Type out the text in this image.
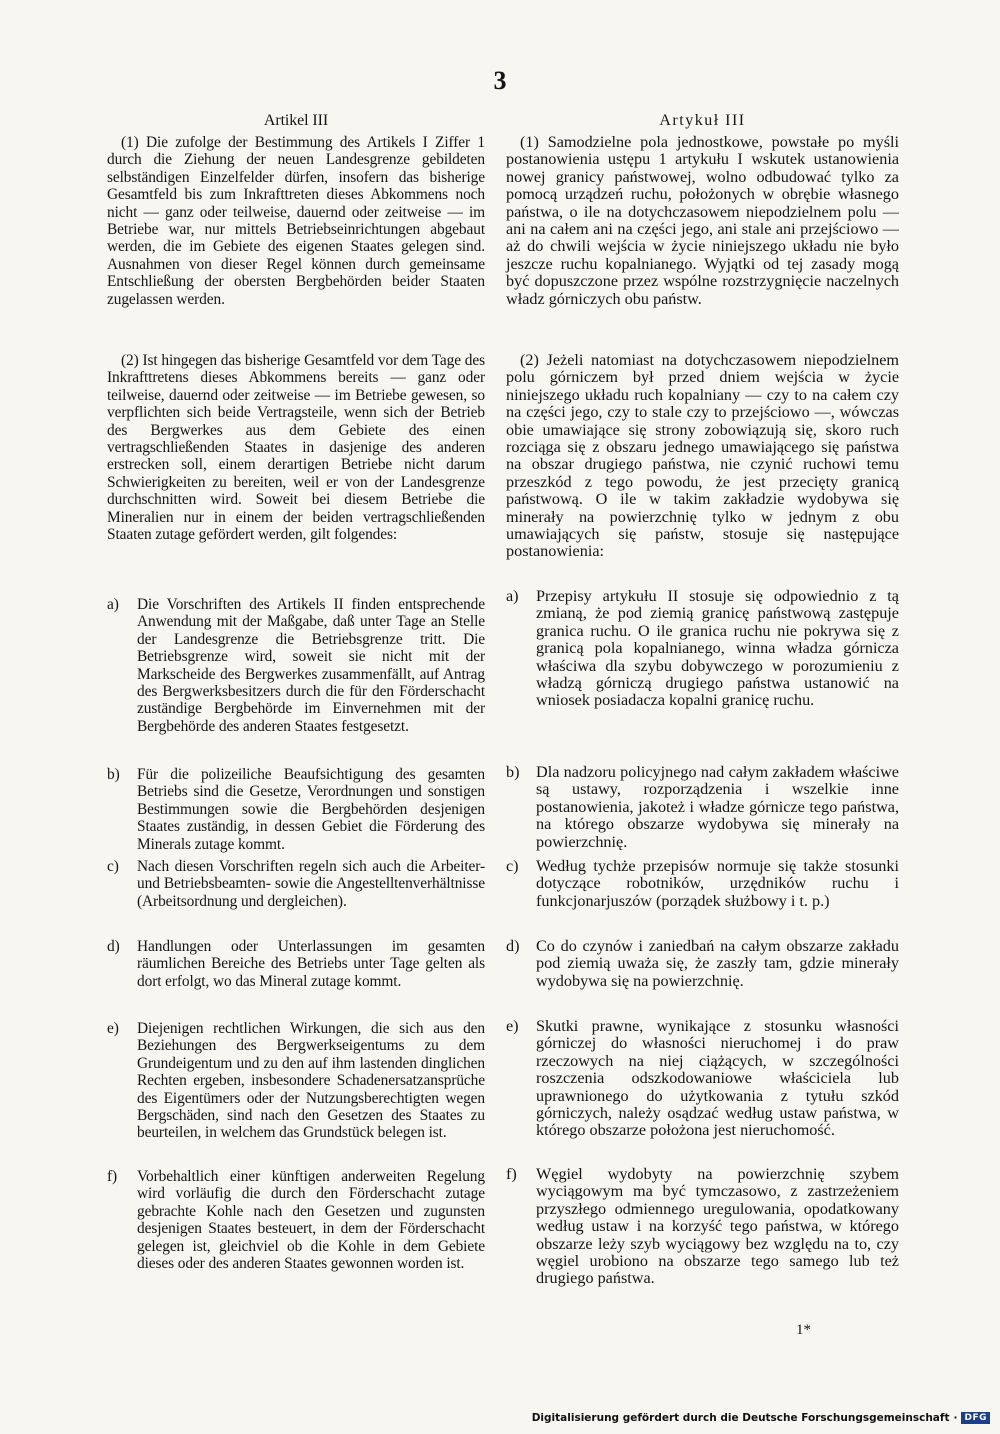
3
Artikel III

(1) Die zufolge der Bestimmung des Artikels I Ziffer 1 durch die Ziehung der neuen Landesgrenze gebildeten selbständigen Einzelfelder dürfen, insofern das bisherige Gesamtfeld bis zum Inkrafttreten dieses Abkommens noch nicht — ganz oder teilweise, dauernd oder zeitweise — im Betriebe war, nur mittels Betriebseinrichtungen abgebaut werden, die im Gebiete des eigenen Staates gelegen sind. Ausnahmen von dieser Regel können durch gemeinsame Entschließung der obersten Bergbehörden beider Staaten zugelassen werden.

(2) Ist hingegen das bisherige Gesamtfeld vor dem Tage des Inkrafttretens dieses Abkommens bereits — ganz oder teilweise, dauernd oder zeitweise — im Betriebe gewesen, so verpflichten sich beide Vertragsteile, wenn sich der Betrieb des Bergwerkes aus dem Gebiete des einen vertragschließenden Staates in dasjenige des anderen erstrecken soll, einem derartigen Betriebe nicht darum Schwierigkeiten zu bereiten, weil er von der Landesgrenze durchschnitten wird. Soweit bei diesem Betriebe die Mineralien nur in einem der beiden vertragschließenden Staaten zutage gefördert werden, gilt folgendes:

a)	Die Vorschriften des Artikels II finden entsprechende Anwendung mit der Maßgabe, daß unter Tage an Stelle der Landesgrenze die Betriebsgrenze tritt. Die Betriebsgrenze wird, soweit sie nicht mit der Markscheide des Bergwerkes zusammenfällt, auf Antrag des Bergwerksbesitzers durch die für den Förderschacht zuständige Bergbehörde im Einvernehmen mit der Bergbehörde des anderen Staates festgesetzt.
b)	Für die polizeiliche Beaufsichtigung des gesamten Betriebs sind die Gesetze, Verordnungen und sonstigen Bestimmungen sowie die Bergbehörden desjenigen Staates zuständig, in dessen Gebiet die Förderung des Minerals zutage kommt.
c)	Nach diesen Vorschriften regeln sich auch die Arbeiter- und Betriebsbeamten- sowie die Angestelltenverhältnisse (Arbeitsordnung und dergleichen).
d)	Handlungen oder Unterlassungen im gesamten räumlichen Bereiche des Betriebs unter Tage gelten als dort erfolgt, wo das Mineral zutage kommt.
e)	Diejenigen rechtlichen Wirkungen, die sich aus den Beziehungen des Bergwerkseigentums zu dem Grundeigentum und zu den auf ihm lastenden dinglichen Rechten ergeben, insbesondere Schadenersatzansprüche des Eigentümers oder der Nutzungsberechtigten wegen Bergschäden, sind nach den Gesetzen des Staates zu beurteilen, in welchem das Grundstück belegen ist.
f)	Vorbehaltlich einer künftigen anderweiten Regelung wird vorläufig die durch den Förderschacht zutage gebrachte Kohle nach den Gesetzen und zugunsten desjenigen Staates besteuert, in dem der Förderschacht gelegen ist, gleichviel ob die Kohle in dem Gebiete dieses oder des anderen Staates gewonnen worden ist.
Artykuł III

(1) Samodzielne pola jednostkowe, powstałe po myśli postanowienia ustępu 1 artykułu I wskutek ustanowienia nowej granicy państwowej, wolno odbudować tylko za pomocą urządzeń ruchu, położonych w obrębie własnego państwa, o ile na dotychczasowem niepodzielnem polu — ani na całem ani na części jego, ani stale ani przejściowo — aż do chwili wejścia w życie niniejszego układu nie było jeszcze ruchu kopalnianego. Wyjątki od tej zasady mogą być dopuszczone przez wspólne rozstrzygnięcie naczelnych władz górniczych obu państw.

(2) Jeżeli natomiast na dotychczasowem niepodzielnem polu górniczem był przed dniem wejścia w życie niniejszego układu ruch kopalniany — czy to na całem czy na części jego, czy to stale czy to przejściowo —, wówczas obie umawiające się strony zobowiązują się, skoro ruch rozciąga się z obszaru jednego umawiającego się państwa na obszar drugiego państwa, nie czynić ruchowi temu przeszkód z tego powodu, że jest przecięty granicą państwową. O ile w takim zakładzie wydobywa się minerały na powierzchnię tylko w jednym z obu umawiających się państw, stosuje się następujące postanowienia:

a)	Przepisy artykułu II stosuje się odpowiednio z tą zmianą, że pod ziemią granicę państwową zastępuje granica ruchu. O ile granica ruchu nie pokrywa się z granicą pola kopalnianego, winna władza górnicza właściwa dla szybu dobywczego w porozumieniu z władzą górniczą drugiego państwa ustanowić na wniosek posiadacza kopalni granicę ruchu.
b)	Dla nadzoru policyjnego nad całym zakładem właściwe są ustawy, rozporządzenia i wszelkie inne postanowienia, jakoteż i władze górnicze tego państwa, na którego obszarze wydobywa się minerały na powierzchnię.
c)	Według tychże przepisów normuje się także stosunki dotyczące robotników, urzędników ruchu i funkcjonarjuszów (porządek służbowy i t. p.)
d)	Co do czynów i zaniedbań na całym obszarze zakładu pod ziemią uważa się, że zaszły tam, gdzie minerały wydobywa się na powierzchnię.
e)	Skutki prawne, wynikające z stosunku własności górniczej do własności nieruchomej i do praw rzeczowych na niej ciążących, w szczególności roszczenia odszkodowaniowe właściciela lub uprawnionego do użytkowania z tytułu szkód górniczych, należy osądzać według ustaw państwa, w którego obszarze położona jest nieruchomość.
f)	Węgiel wydobyty na powierzchnię szybem wyciągowym ma być tymczasowo, z zastrzeżeniem przyszłego odmiennego uregulowania, opodatkowany według ustaw i na korzyść tego państwa, w którego obszarze leży szyb wyciągowy bez względu na to, czy węgiel urobiono na obszarze tego samego lub też drugiego państwa.
1*
Digitalisierung gefördert durch die Deutsche Forschungsgemeinschaft · DFG
